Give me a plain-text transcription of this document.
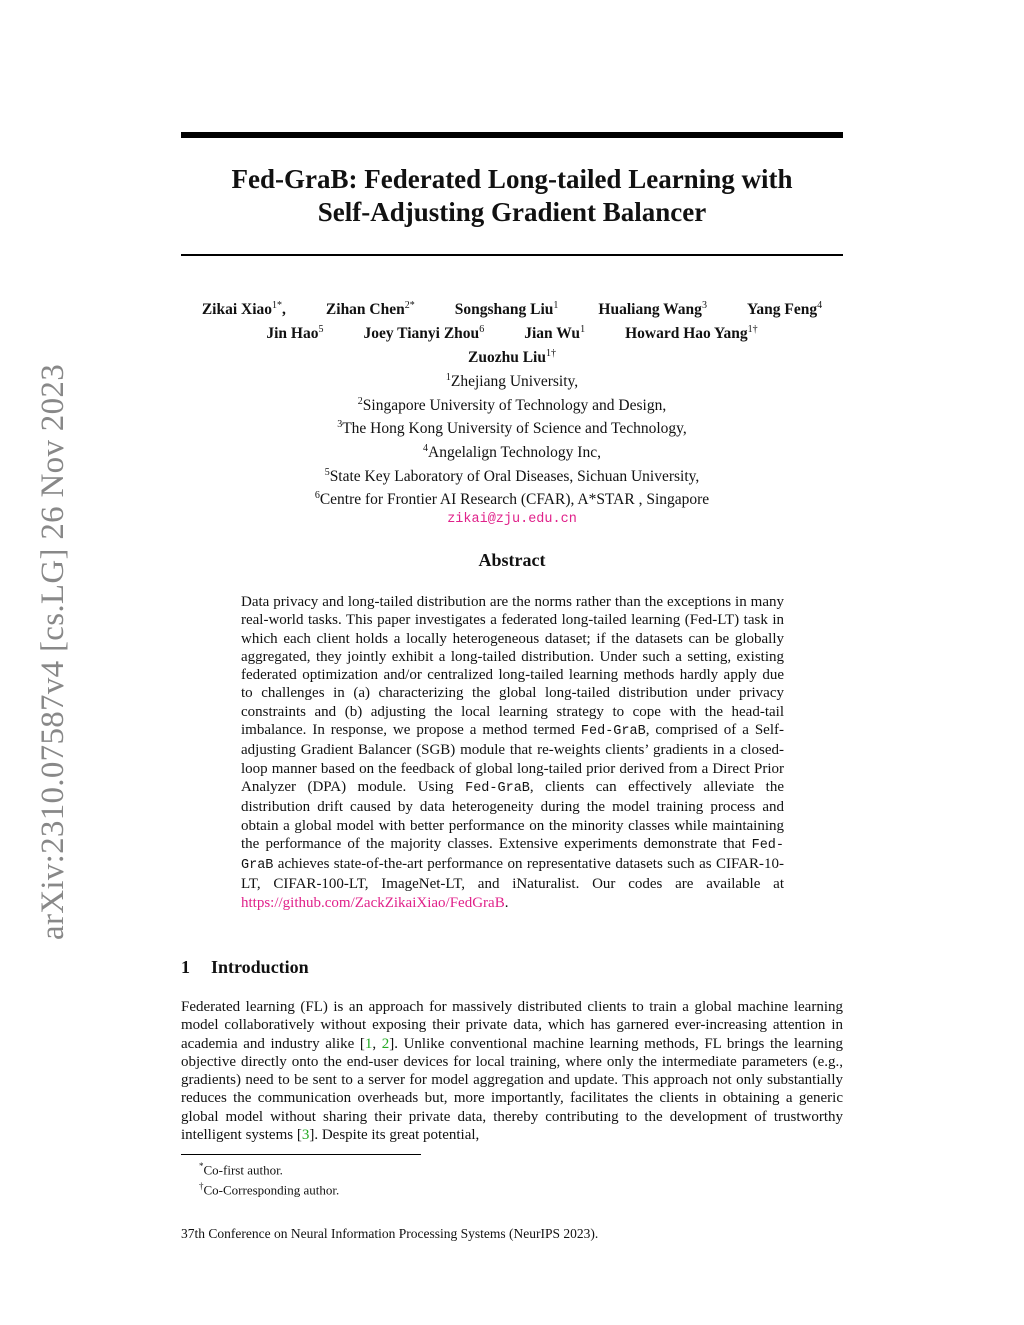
arXiv:2310.07587v4 [cs.LG] 26 Nov 2023
Fed-GraB: Federated Long-tailed Learning with
Self-Adjusting Gradient Balancer
Zikai Xiao$^{1*}$,	Zihan Chen$^{2*}$	Songshang Liu$^1$	Hualiang Wang$^3$	Yang Feng$^4$
Jin Hao$^5$	Joey Tianyi Zhou$^6$	Jian Wu$^1$	Howard Hao Yang$^{1\dagger}$
Zuozhu Liu$^{1\dagger}$
$^1$Zhejiang University,
$^2$Singapore University of Technology and Design,
$^3$The Hong Kong University of Science and Technology,
$^4$Angelalign Technology Inc,
$^5$State Key Laboratory of Oral Diseases, Sichuan University,
$^6$Centre for Frontier AI Research (CFAR), A*STAR , Singapore
zikai@zju.edu.cn
Abstract
Data privacy and long-tailed distribution are the norms rather than the exceptions in many real-world tasks. This paper investigates a federated long-tailed learning (Fed-LT) task in which each client holds a locally heterogeneous dataset; if the datasets can be globally aggregated, they jointly exhibit a long-tailed distribution. Under such a setting, existing federated optimization and/or centralized long-tailed learning methods hardly apply due to challenges in (a) characterizing the global long-tailed distribution under privacy constraints and (b) adjusting the local learning strategy to cope with the head-tail imbalance. In response, we propose a method termed Fed-GraB, comprised of a Self-adjusting Gradient Balancer (SGB) module that re-weights clients’ gradients in a closed-loop manner based on the feedback of global long-tailed prior derived from a Direct Prior Analyzer (DPA) module. Using Fed-GraB, clients can effectively alleviate the distribution drift caused by data heterogeneity during the model training process and obtain a global model with better performance on the minority classes while maintaining the performance of the majority classes. Extensive experiments demonstrate that Fed-GraB achieves state-of-the-art performance on representative datasets such as CIFAR-10-LT, CIFAR-100-LT, ImageNet-LT, and iNaturalist. Our codes are available at https://github.com/ZackZikaiXiao/FedGraB.
1 Introduction
Federated learning (FL) is an approach for massively distributed clients to train a global machine learning model collaboratively without exposing their private data, which has garnered ever-increasing attention in academia and industry alike [1, 2]. Unlike conventional machine learning methods, FL brings the learning objective directly onto the end-user devices for local training, where only the intermediate parameters (e.g., gradients) need to be sent to a server for model aggregation and update. This approach not only substantially reduces the communication overheads but, more importantly, facilitates the clients in obtaining a generic global model without sharing their private data, thereby contributing to the development of trustworthy intelligent systems [3]. Despite its great potential,
*Co-first author.
†Co-Corresponding author.
37th Conference on Neural Information Processing Systems (NeurIPS 2023).
